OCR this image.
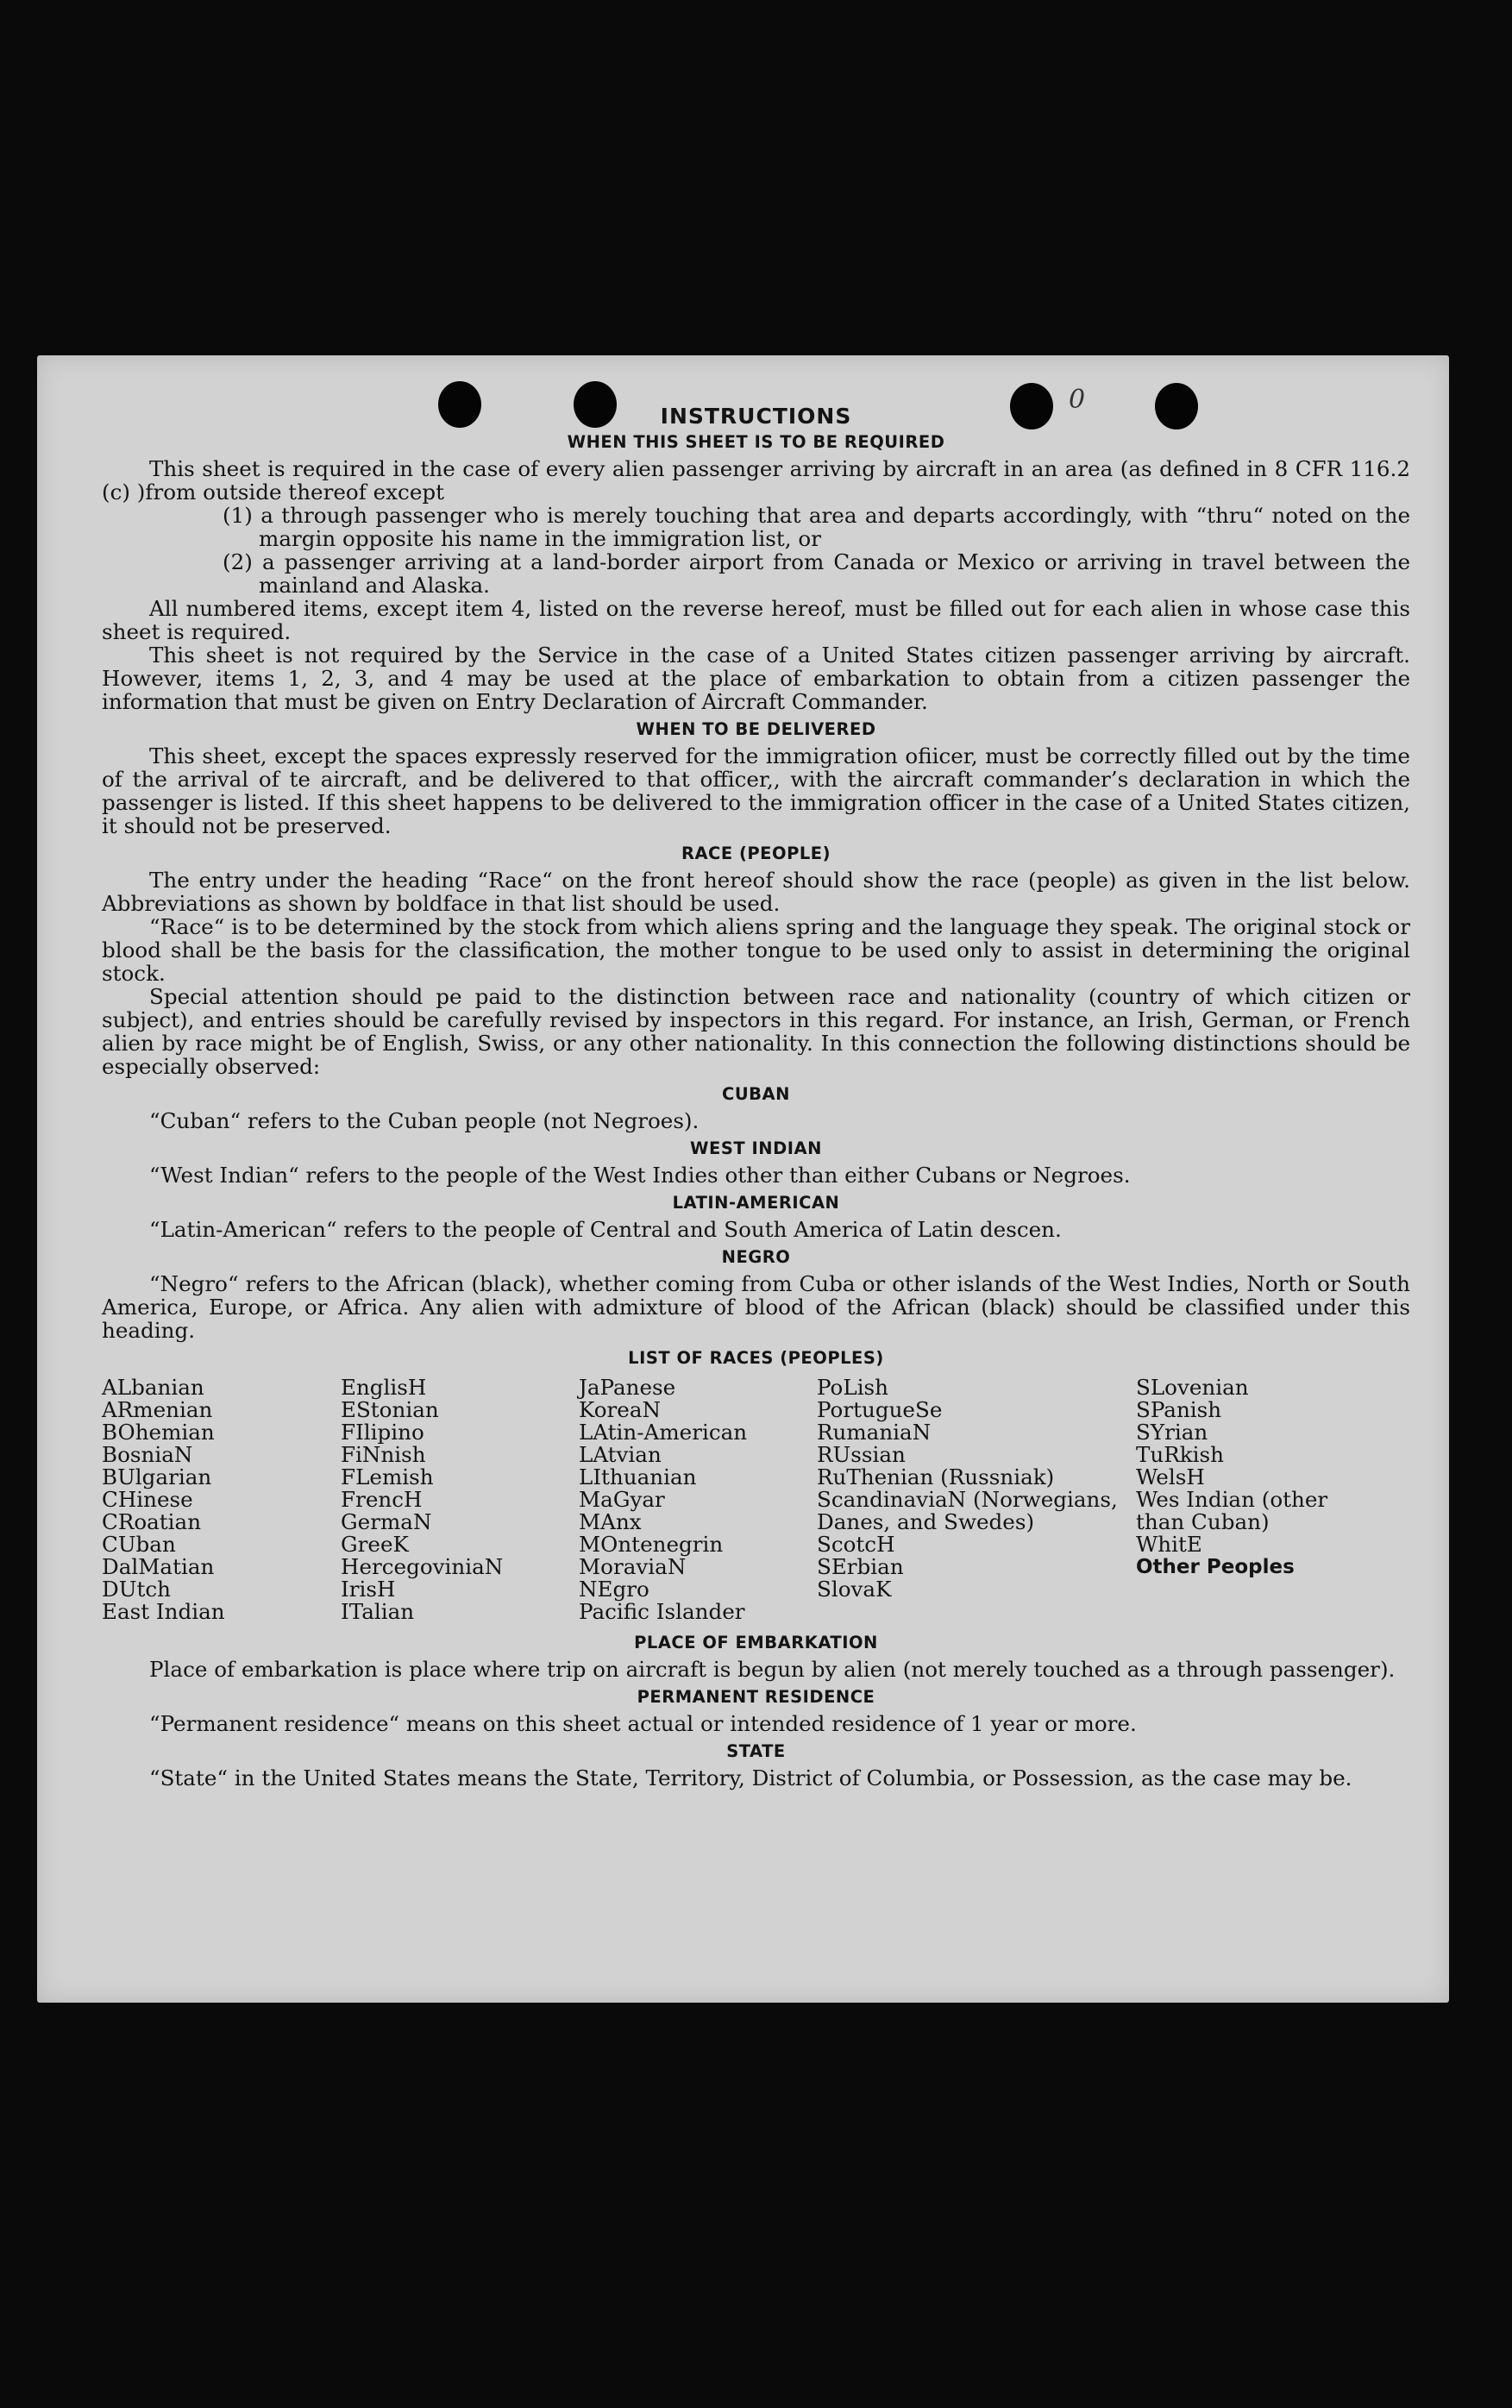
0
INSTRUCTIONS
WHEN THIS SHEET IS TO BE REQUIRED

This sheet is required in the case of every alien passenger arriving by aircraft in an area (as defined in 8 CFR 116.2 (c) )from outside thereof except

(1) a through passenger who is merely touching that area and departs accordingly, with “thru“ noted on the margin opposite his name in the immigration list, or

(2) a passenger arriving at a land-border airport from Canada or Mexico or arriving in travel between the mainland and Alaska.

All numbered items, except item 4, listed on the reverse hereof, must be filled out for each alien in whose case this sheet is required.

This sheet is not required by the Service in the case of a United States citizen passenger arriving by aircraft. However, items 1, 2, 3, and 4 may be used at the place of embarkation to obtain from a citizen passenger the information that must be given on Entry Declaration of Aircraft Commander.

WHEN TO BE DELIVERED

This sheet, except the spaces expressly reserved for the immigration ofiicer, must be correctly filled out by the time of the arrival of te aircraft, and be delivered to that officer,, with the aircraft commander’s declaration in which the passenger is listed. If this sheet happens to be delivered to the immigration officer in the case of a United States citizen, it should not be preserved.

RACE (PEOPLE)

The entry under the heading “Race“ on the front hereof should show the race (people) as given in the list below. Abbreviations as shown by boldface in that list should be used.

“Race“ is to be determined by the stock from which aliens spring and the language they speak. The original stock or blood shall be the basis for the classification, the mother tongue to be used only to assist in determining the original stock.

Special attention should pe paid to the distinction between race and nationality (country of which citizen or subject), and entries should be carefully revised by inspectors in this regard. For instance, an Irish, German, or French alien by race might be of English, Swiss, or any other nationality. In this connection the following distinctions should be especially observed:

CUBAN

“Cuban“ refers to the Cuban people (not Negroes).

WEST INDIAN

“West Indian“ refers to the people of the West Indies other than either Cubans or Negroes.

LATIN-AMERICAN

“Latin-American“ refers to the people of Central and South America of Latin descen.

NEGRO

“Negro“ refers to the African (black), whether coming from Cuba or other islands of the West Indies, North or South America, Europe, or Africa. Any alien with admixture of blood of the African (black) should be classified under this heading.

LIST OF RACES (PEOPLES)
ALbanian
ARmenian
BOhemian
BosniaN
BUlgarian
CHinese
CRoatian
CUban
DalMatian
DUtch
East Indian
EnglisH
EStonian
FIlipino
FiNnish
FLemish
FrencH
GermaN
GreeK
HercegoviniaN
IrisH
ITalian
JaPanese
KoreaN
LAtin-American
LAtvian
LIthuanian
MaGyar
MAnx
MOntenegrin
MoraviaN
NEgro
Pacific Islander
PoLish
PortugueSe
RumaniaN
RUssian
RuThenian (Russniak)
ScandinaviaN (Norwegians, Danes, and Swedes)
ScotcH
SErbian
SlovaK
SLovenian
SPanish
SYrian
TuRkish
WelsH
Wes Indian (other than Cuban)
WhitE
Other Peoples
PLACE OF EMBARKATION

Place of embarkation is place where trip on aircraft is begun by alien (not merely touched as a through passenger).

PERMANENT RESIDENCE

“Permanent residence“ means on this sheet actual or intended residence of 1 year or more.

STATE

“State“ in the United States means the State, Territory, District of Columbia, or Possession, as the case may be.
